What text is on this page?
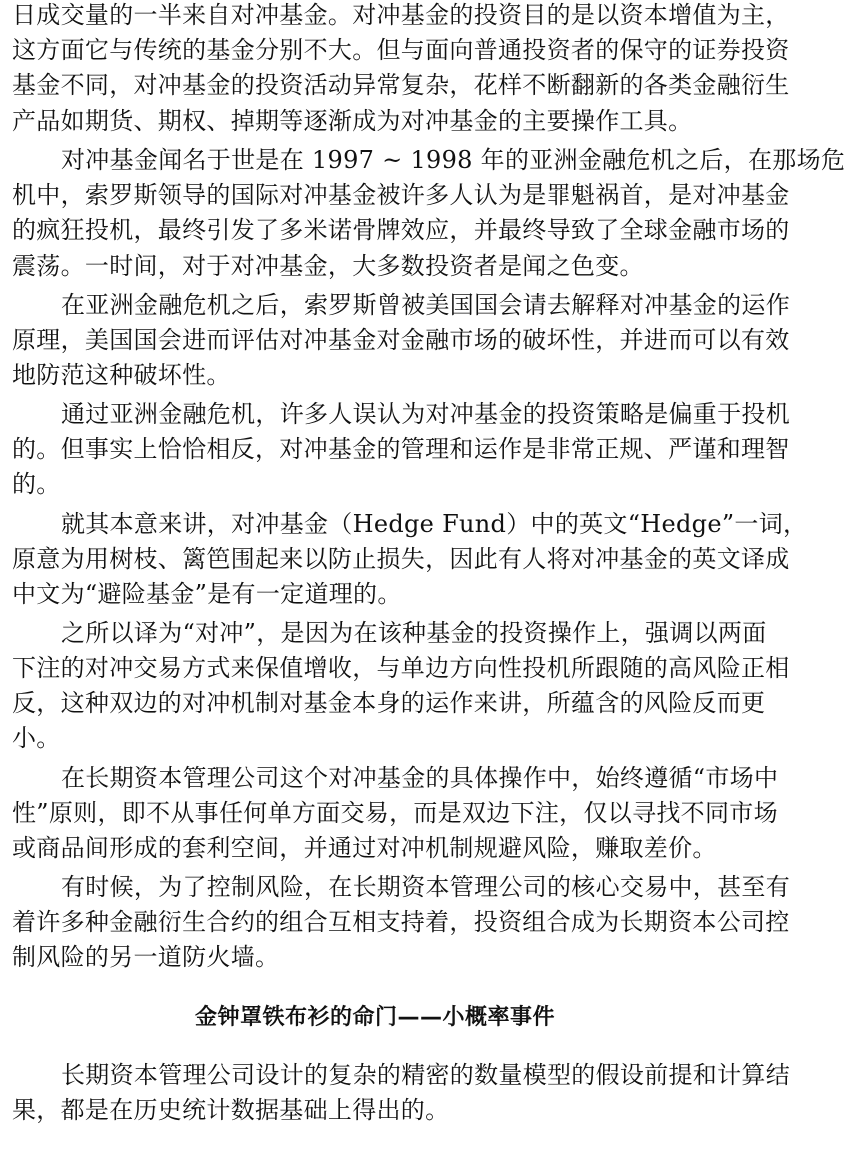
日成交量的一半来自对冲基金。对冲基金的投资目的是以资本增值为主，

这方面它与传统的基金分别不大。但与面向普通投资者的保守的证券投资

基金不同，对冲基金的投资活动异常复杂，花样不断翻新的各类金融衍生

产品如期货、期权、掉期等逐渐成为对冲基金的主要操作工具。

对冲基金闻名于世是在 1997 ~ 1998 年的亚洲金融危机之后，在那场危

机中，索罗斯领导的国际对冲基金被许多人认为是罪魁祸首，是对冲基金

的疯狂投机，最终引发了多米诺骨牌效应，并最终导致了全球金融市场的

震荡。一时间，对于对冲基金，大多数投资者是闻之色变。

在亚洲金融危机之后，索罗斯曾被美国国会请去解释对冲基金的运作

原理，美国国会进而评估对冲基金对金融市场的破坏性，并进而可以有效

地防范这种破坏性。

通过亚洲金融危机，许多人误认为对冲基金的投资策略是偏重于投机

的。但事实上恰恰相反，对冲基金的管理和运作是非常正规、严谨和理智

的。

就其本意来讲，对冲基金（Hedge Fund）中的英文“Hedge”一词，

原意为用树枝、篱笆围起来以防止损失，因此有人将对冲基金的英文译成

中文为“避险基金”是有一定道理的。

之所以译为“对冲”，是因为在该种基金的投资操作上，强调以两面

下注的对冲交易方式来保值增收，与单边方向性投机所跟随的高风险正相

反，这种双边的对冲机制对基金本身的运作来讲，所蕴含的风险反而更

小。

在长期资本管理公司这个对冲基金的具体操作中，始终遵循“市场中

性”原则，即不从事任何单方面交易，而是双边下注，仅以寻找不同市场

或商品间形成的套利空间，并通过对冲机制规避风险，赚取差价。

有时候，为了控制风险，在长期资本管理公司的核心交易中，甚至有

着许多种金融衍生合约的组合互相支持着，投资组合成为长期资本公司控

制风险的另一道防火墙。

金钟罩铁布衫的命门——小概率事件

长期资本管理公司设计的复杂的精密的数量模型的假设前提和计算结

果，都是在历史统计数据基础上得出的。
